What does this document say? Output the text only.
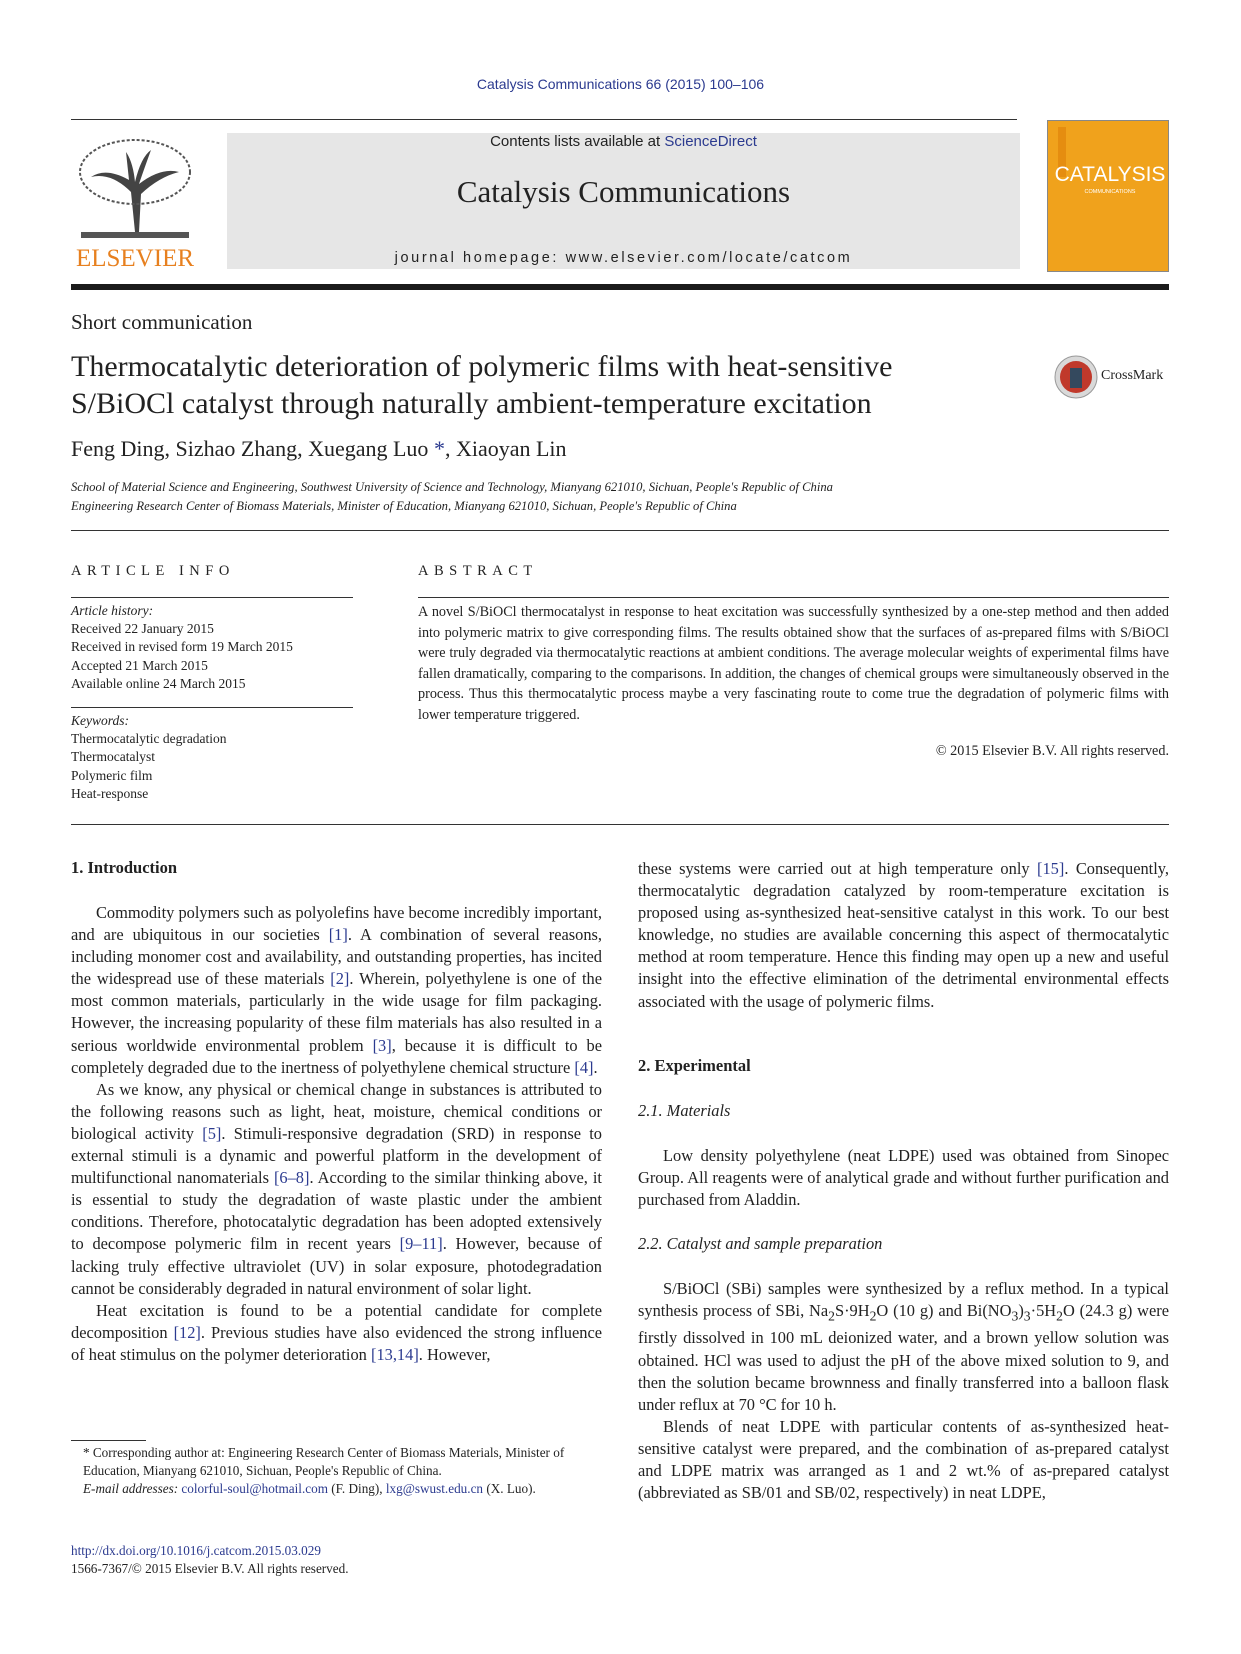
Catalysis Communications 66 (2015) 100–106
ELSEVIER
Contents lists available at ScienceDirect
Catalysis Communications
journal homepage: www.elsevier.com/locate/catcom
CATALYSIS
COMMUNICATIONS
Short communication
Thermocatalytic deterioration of polymeric films with heat-sensitive
S/BiOCl catalyst through naturally ambient-temperature excitation
CrossMark
Feng Ding, Sizhao Zhang, Xuegang Luo *, Xiaoyan Lin
School of Material Science and Engineering, Southwest University of Science and Technology, Mianyang 621010, Sichuan, People's Republic of China
Engineering Research Center of Biomass Materials, Minister of Education, Mianyang 621010, Sichuan, People's Republic of China
ARTICLE INFO	ABSTRACT
Article history:
Received 22 January 2015
Received in revised form 19 March 2015
Accepted 21 March 2015
Available online 24 March 2015
Keywords:
Thermocatalytic degradation
Thermocatalyst
Polymeric film
Heat-response
A novel S/BiOCl thermocatalyst in response to heat excitation was successfully synthesized by a one-step method and then added into polymeric matrix to give corresponding films. The results obtained show that the surfaces of as-prepared films with S/BiOCl were truly degraded via thermocatalytic reactions at ambient conditions. The average molecular weights of experimental films have fallen dramatically, comparing to the comparisons. In addition, the changes of chemical groups were simultaneously observed in the process. Thus this thermocatalytic process maybe a very fascinating route to come true the degradation of polymeric films with lower temperature triggered.
© 2015 Elsevier B.V. All rights reserved.
1. Introduction

Commodity polymers such as polyolefins have become incredibly important, and are ubiquitous in our societies [1]. A combination of several reasons, including monomer cost and availability, and outstanding properties, has incited the widespread use of these materials [2]. Wherein, polyethylene is one of the most common materials, particularly in the wide usage for film packaging. However, the increasing popularity of these film materials has also resulted in a serious worldwide environmental problem [3], because it is difficult to be completely degraded due to the inertness of polyethylene chemical structure [4].

As we know, any physical or chemical change in substances is attributed to the following reasons such as light, heat, moisture, chemical conditions or biological activity [5]. Stimuli-responsive degradation (SRD) in response to external stimuli is a dynamic and powerful platform in the development of multifunctional nanomaterials [6–8]. According to the similar thinking above, it is essential to study the degradation of waste plastic under the ambient conditions. Therefore, photocatalytic degradation has been adopted extensively to decompose polymeric film in recent years [9–11]. However, because of lacking truly effective ultraviolet (UV) in solar exposure, photodegradation cannot be considerably degraded in natural environment of solar light.

Heat excitation is found to be a potential candidate for complete decomposition [12]. Previous studies have also evidenced the strong influence of heat stimulus on the polymer deterioration [13,14]. However,

these systems were carried out at high temperature only [15]. Consequently, thermocatalytic degradation catalyzed by room-temperature excitation is proposed using as-synthesized heat-sensitive catalyst in this work. To our best knowledge, no studies are available concerning this aspect of thermocatalytic method at room temperature. Hence this finding may open up a new and useful insight into the effective elimination of the detrimental environmental effects associated with the usage of polymeric films.

2. Experimental
2.1. Materials

Low density polyethylene (neat LDPE) used was obtained from Sinopec Group. All reagents were of analytical grade and without further purification and purchased from Aladdin.

2.2. Catalyst and sample preparation

S/BiOCl (SBi) samples were synthesized by a reflux method. In a typical synthesis process of SBi, $Na_2S\cdot 9H_2O$ (10 g) and $Bi(NO_3)_3\cdot 5H_2O$ (24.3 g) were firstly dissolved in 100 mL deionized water, and a brown yellow solution was obtained. HCl was used to adjust the pH of the above mixed solution to 9, and then the solution became brownness and finally transferred into a balloon flask under reflux at 70 °C for 10 h.

Blends of neat LDPE with particular contents of as-synthesized heat-sensitive catalyst were prepared, and the combination of as-prepared catalyst and LDPE matrix was arranged as 1 and 2 wt.% of as-prepared catalyst (abbreviated as SB/01 and SB/02, respectively) in neat LDPE,

* Corresponding author at: Engineering Research Center of Biomass Materials, Minister of Education, Mianyang 621010, Sichuan, People's Republic of China.
E-mail addresses: colorful-soul@hotmail.com (F. Ding), lxg@swust.edu.cn (X. Luo).
http://dx.doi.org/10.1016/j.catcom.2015.03.029
1566-7367/© 2015 Elsevier B.V. All rights reserved.
